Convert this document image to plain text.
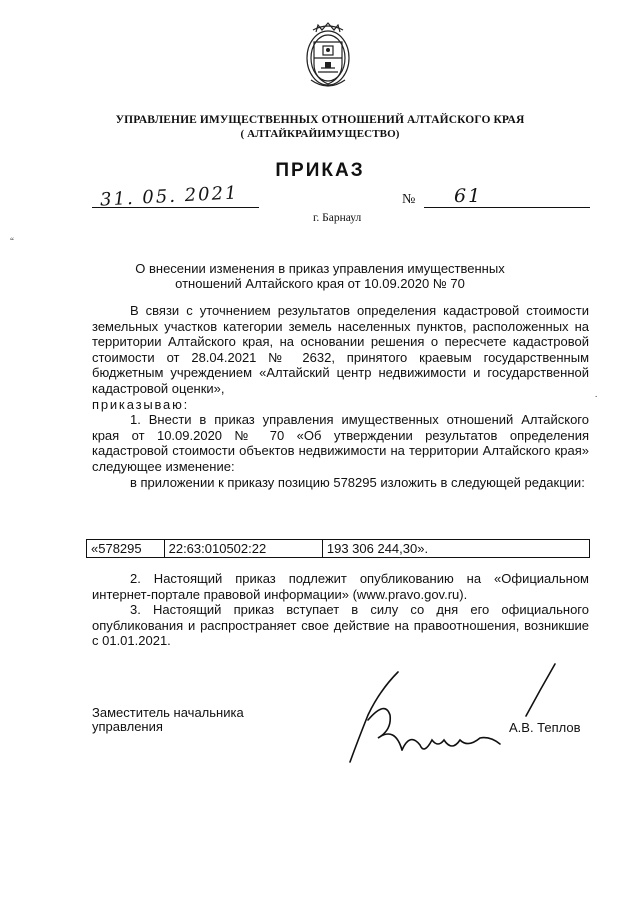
УПРАВЛЕНИЕ ИМУЩЕСТВЕННЫХ ОТНОШЕНИЙ АЛТАЙСКОГО КРАЯ
( АЛТАЙКРАЙИМУЩЕСТВО)
ПРИКАЗ
31. 05. 2021	№ 61
г. Барнаул
“
.
О внесении изменения в приказ управления имущественных
отношений Алтайского края от 10.09.2020 № 70

В связи с уточнением результатов определения кадастровой стоимости земельных участков категории земель населенных пунктов, расположенных на территории Алтайского края, на основании решения о пересчете кадастровой стоимости от 28.04.2021 № 2632, принятого краевым государственным бюджетным учреждением «Алтайский центр недвижимости и государственной кадастровой оценки»,

приказываю:

1. Внести в приказ управления имущественных отношений Алтайского края от 10.09.2020 № 70 «Об утверждении результатов определения кадастровой стоимости объектов недвижимости на территории Алтайского края» следующее изменение:

в приложении к приказу позицию 578295 изложить в следующей редакции:

«578295	22:63:010502:22	193 306 244,30».

2. Настоящий приказ подлежит опубликованию на «Официальном интернет-портале правовой информации» (www.pravo.gov.ru).

3. Настоящий приказ вступает в силу со дня его официального опубликования и распространяет свое действие на правоотношения, возникшие с 01.01.2021.

Заместитель начальника
управления	А.В. Теплов
